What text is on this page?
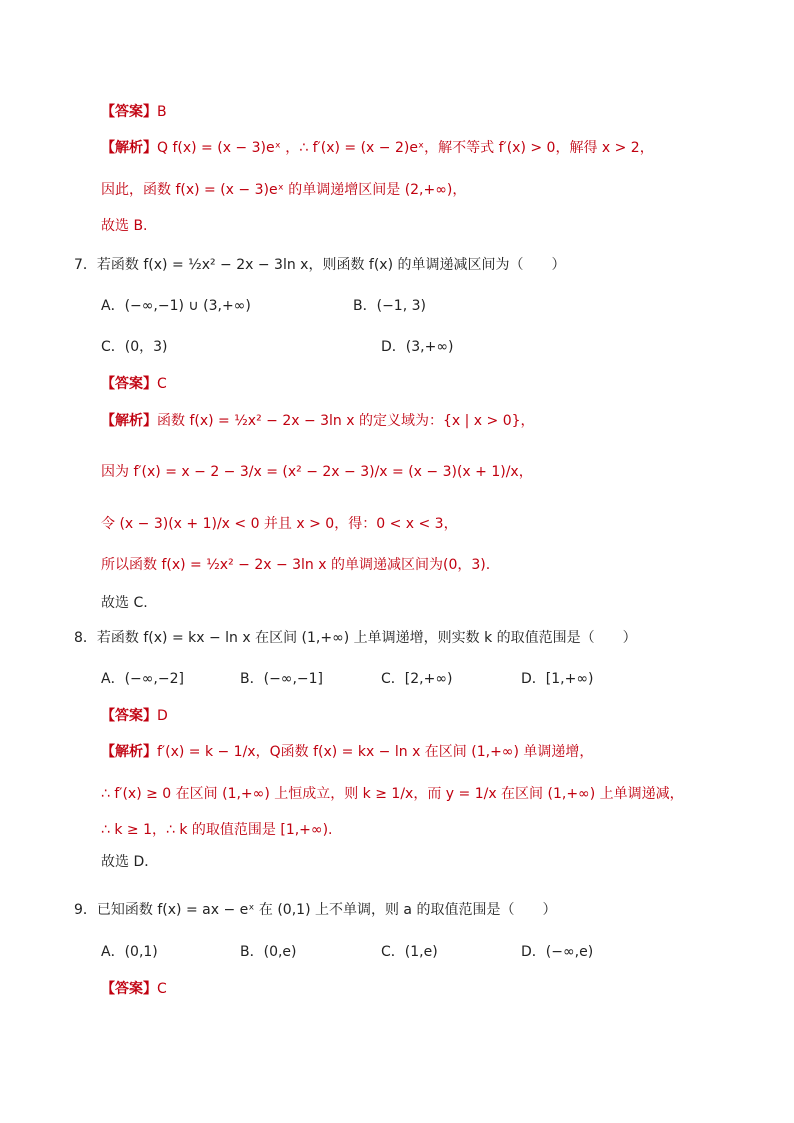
【答案】B
【解析】Q f(x) = (x − 3)eˣ ，∴ f′(x) = (x − 2)eˣ，解不等式 f′(x) > 0，解得 x > 2，
因此，函数 f(x) = (x − 3)eˣ 的单调递增区间是 (2,+∞)，
故选 B.
7．若函数 f(x) = ½x² − 2x − 3ln x，则函数 f(x) 的单调递减区间为（　　）
A．(−∞,−1) ∪ (3,+∞)	B．(−1, 3)
C．(0，3)	D．(3,+∞)
【答案】C
【解析】函数 f(x) = ½x² − 2x − 3ln x 的定义域为：{x | x > 0}，
因为 f′(x) = x − 2 − 3/x = (x² − 2x − 3)/x = (x − 3)(x + 1)/x，
令 (x − 3)(x + 1)/x < 0 并且 x > 0，得：0 < x < 3，
所以函数 f(x) = ½x² − 2x − 3ln x 的单调递减区间为(0，3).
故选 C.
8．若函数 f(x) = kx − ln x 在区间 (1,+∞) 上单调递增，则实数 k 的取值范围是（　　）
A．(−∞,−2]	B．(−∞,−1]	C．[2,+∞)	D．[1,+∞)
【答案】D
【解析】f′(x) = k − 1/x，Q函数 f(x) = kx − ln x 在区间 (1,+∞) 单调递增，
∴ f′(x) ≥ 0 在区间 (1,+∞) 上恒成立，则 k ≥ 1/x，而 y = 1/x 在区间 (1,+∞) 上单调递减，
∴ k ≥ 1，∴ k 的取值范围是 [1,+∞).
故选 D．
9．已知函数 f(x) = ax − eˣ 在 (0,1) 上不单调，则 a 的取值范围是（　　）
A．(0,1)	B．(0,e)	C．(1,e)	D．(−∞,e)
【答案】C
